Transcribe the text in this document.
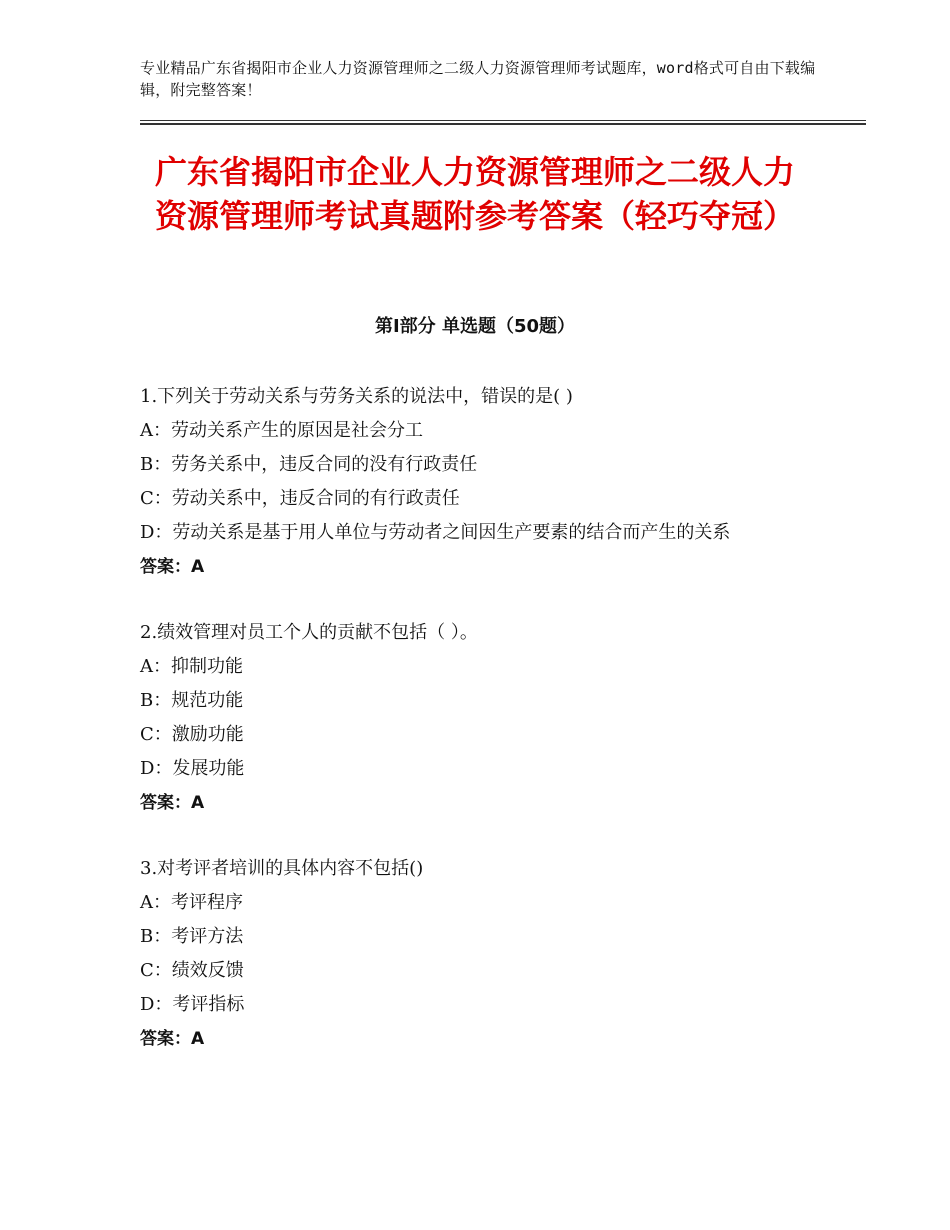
专业精品广东省揭阳市企业人力资源管理师之二级人力资源管理师考试题库，word格式可自由下载编辑，附完整答案！
广东省揭阳市企业人力资源管理师之二级人力资源管理师考试真题附参考答案（轻巧夺冠）
第Ⅰ部分 单选题（50题）

1.下列关于劳动关系与劳务关系的说法中，错误的是( )

A：劳动关系产生的原因是社会分工

B：劳务关系中，违反合同的没有行政责任

C：劳动关系中，违反合同的有行政责任

D：劳动关系是基于用人单位与劳动者之间因生产要素的结合而产生的关系

答案：A

2.绩效管理对员工个人的贡献不包括（ ）。

A：抑制功能

B：规范功能

C：激励功能

D：发展功能

答案：A

3.对考评者培训的具体内容不包括()

A：考评程序

B：考评方法

C：绩效反馈

D：考评指标

答案：A
